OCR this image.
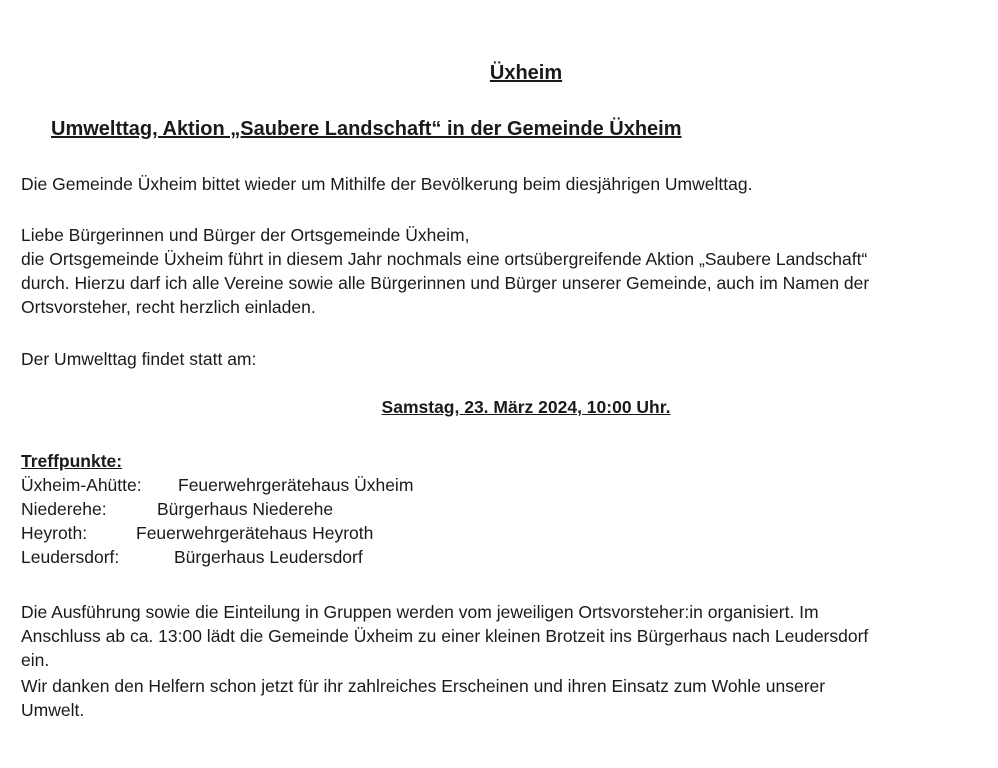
Üxheim
Umwelttag, Aktion „Saubere Landschaft“ in der Gemeinde Üxheim
Die Gemeinde Üxheim bittet wieder um Mithilfe der Bevölkerung beim diesjährigen Umwelttag.
Liebe Bürgerinnen und Bürger der Ortsgemeinde Üxheim,
die Ortsgemeinde Üxheim führt in diesem Jahr nochmals eine ortsübergreifende Aktion „Saubere Landschaft“
durch. Hierzu darf ich alle Vereine sowie alle Bürgerinnen und Bürger unserer Gemeinde, auch im Namen der
Ortsvorsteher, recht herzlich einladen.
Der Umwelttag findet statt am:
Samstag, 23. März 2024, 10:00 Uhr.
Treffpunkte:
Üxheim-Ahütte: Feuerwehrgerätehaus Üxheim
Niederehe:	Bürgerhaus Niederehe
Heyroth:	Feuerwehrgerätehaus Heyroth
Leudersdorf:	Bürgerhaus Leudersdorf
Die Ausführung sowie die Einteilung in Gruppen werden vom jeweiligen Ortsvorsteher:in organisiert. Im
Anschluss ab ca. 13:00 lädt die Gemeinde Üxheim zu einer kleinen Brotzeit ins Bürgerhaus nach Leudersdorf
ein.
Wir danken den Helfern schon jetzt für ihr zahlreiches Erscheinen und ihren Einsatz zum Wohle unserer
Umwelt.
